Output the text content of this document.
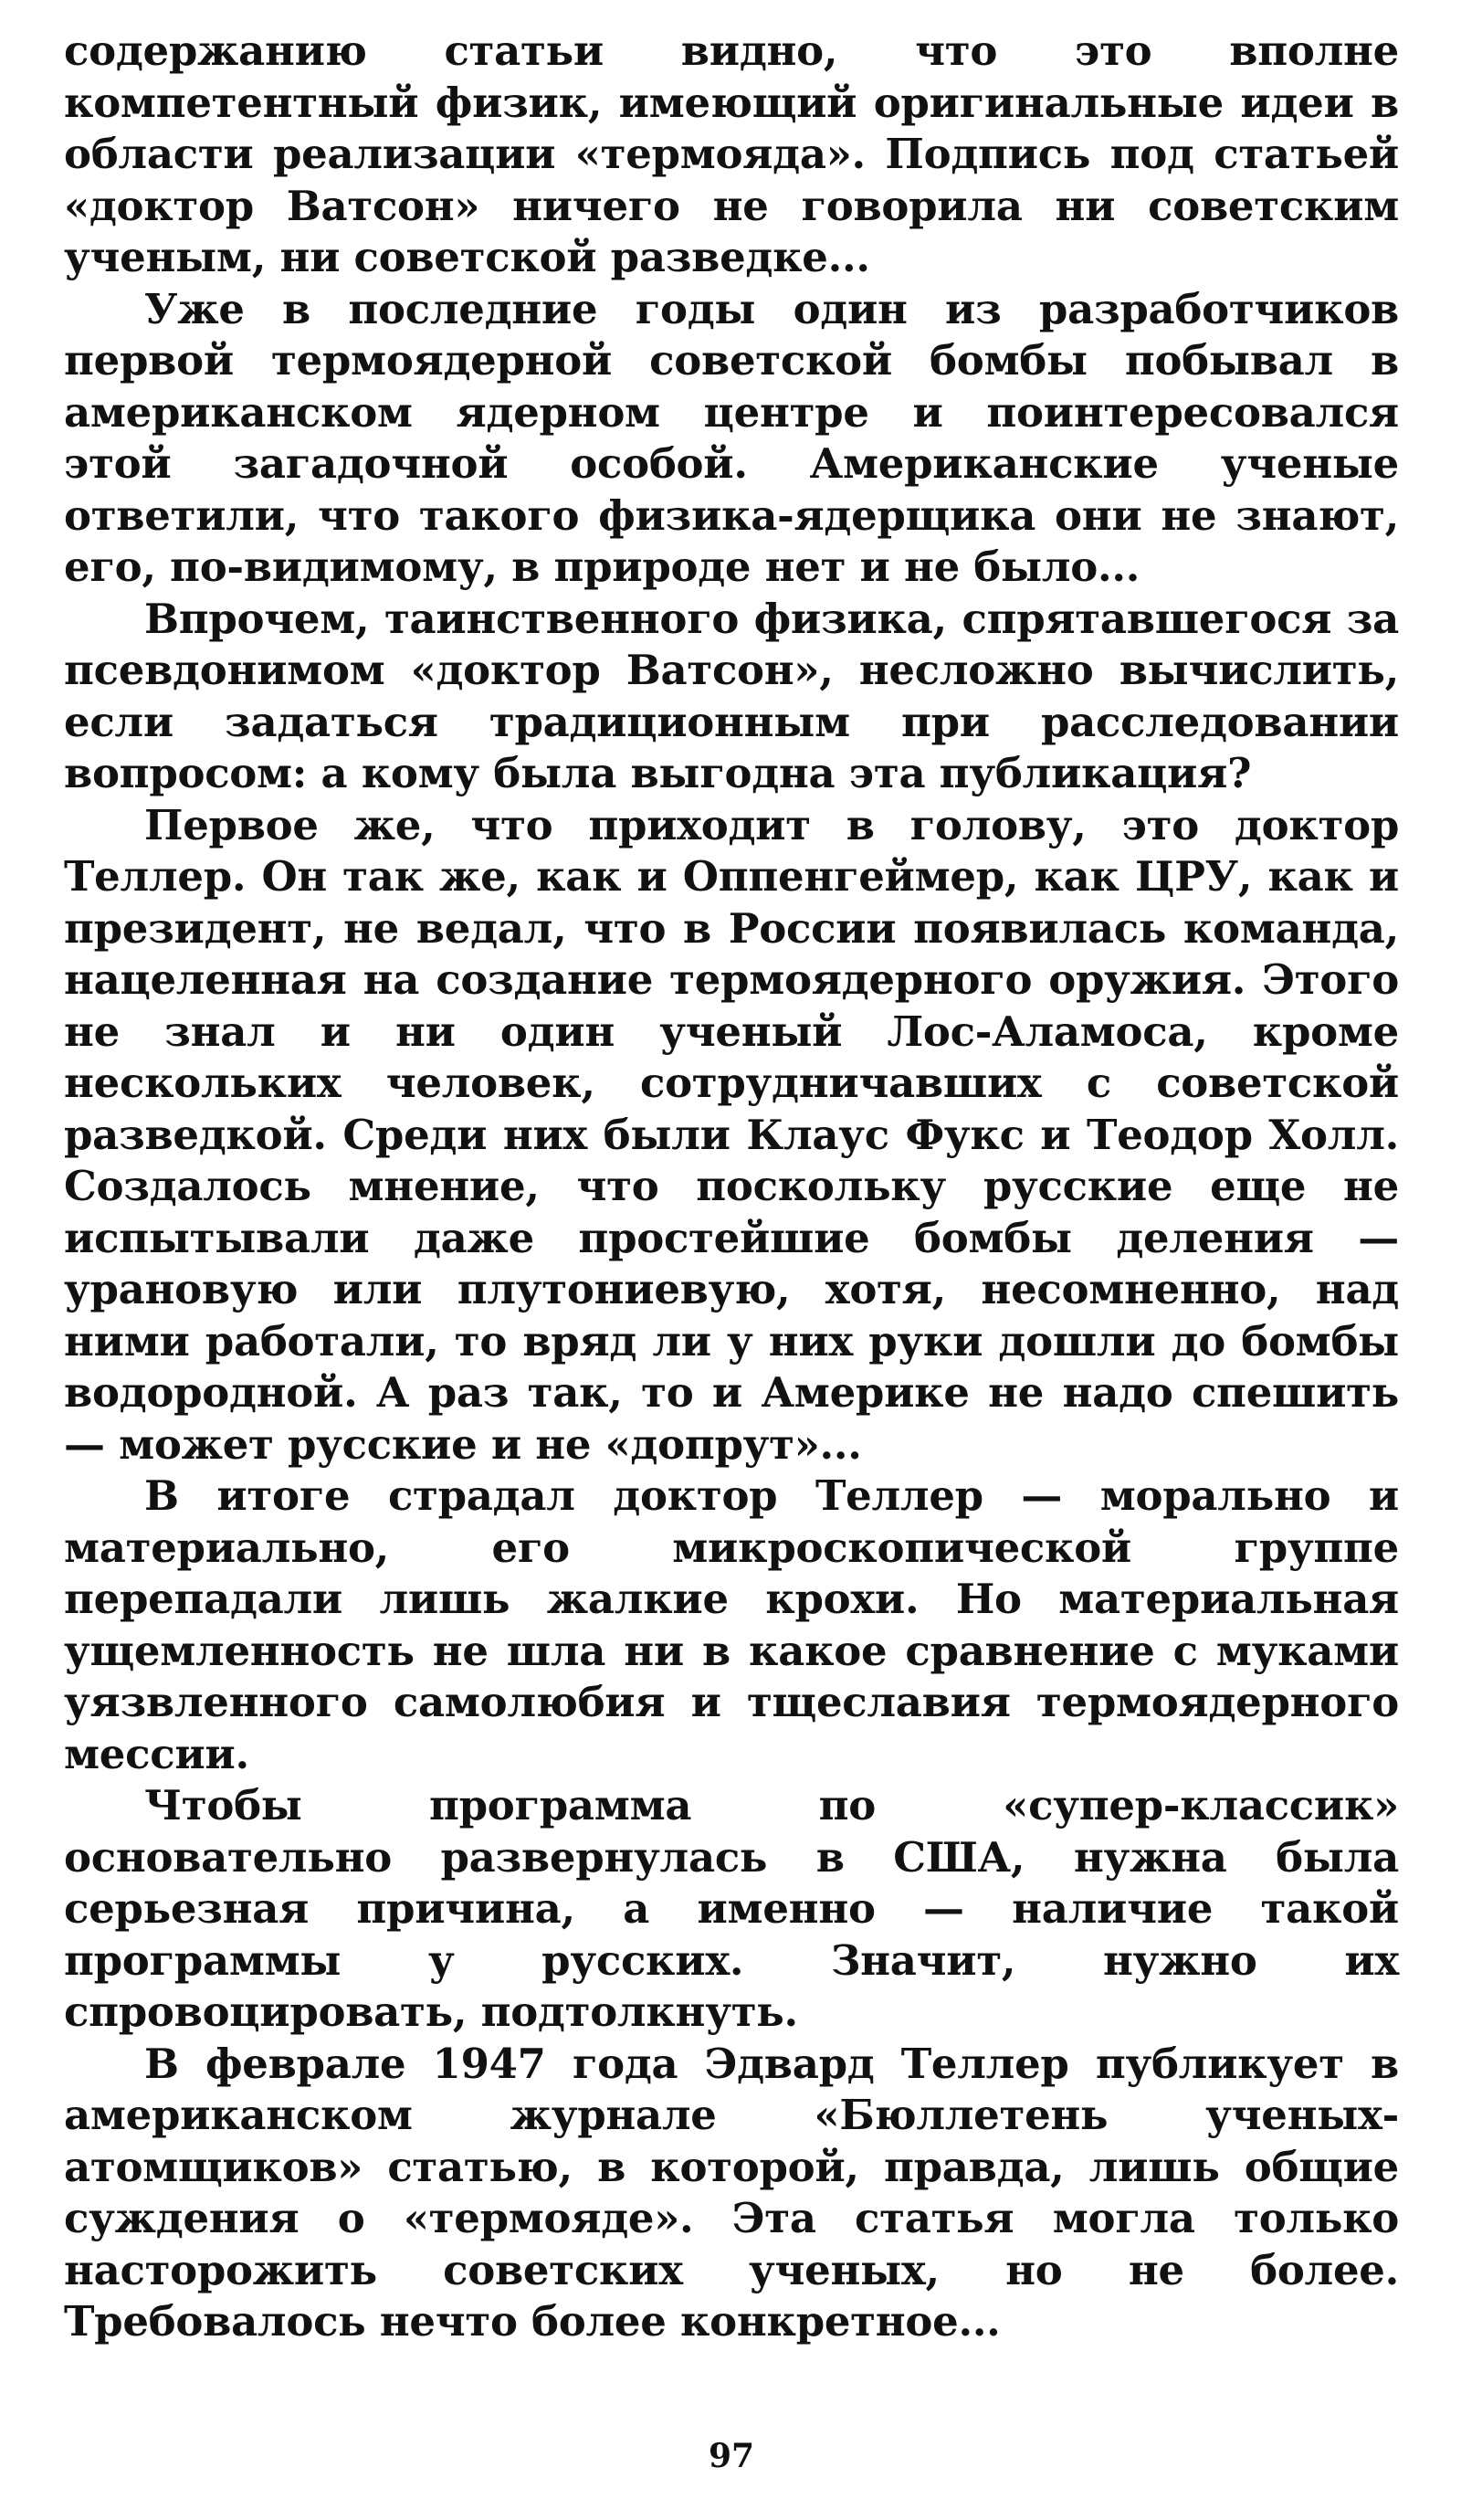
содержанию статьи видно, что это вполне компетентный физик, имеющий оригинальные идеи в области реализации «термояда». Подпись под статьей «доктор Ватсон» ничего не говорила ни советским ученым, ни советской разведке...

Уже в последние годы один из разработчиков первой термоядерной советской бомбы побывал в американском ядерном центре и поинтересовался этой загадочной особой. Американские ученые ответили, что такого физика-ядерщика они не знают, его, по-видимому, в природе нет и не было...

Впрочем, таинственного физика, спрятавшегося за псевдонимом «доктор Ватсон», несложно вычислить, если задаться традиционным при расследовании вопросом: а кому была выгодна эта публикация?

Первое же, что приходит в голову, это доктор Теллер. Он так же, как и Оппенгеймер, как ЦРУ, как и президент, не ведал, что в России появилась команда, нацеленная на создание термоядерного оружия. Этого не знал и ни один ученый Лос-Аламоса, кроме нескольких человек, сотрудничавших с советской разведкой. Среди них были Клаус Фукс и Теодор Холл. Создалось мнение, что поскольку русские еще не испытывали даже простейшие бомбы деления — урановую или плутониевую, хотя, несомненно, над ними работали, то вряд ли у них руки дошли до бомбы водородной. А раз так, то и Америке не надо спешить — может русские и не «допрут»...

В итоге страдал доктор Теллер — морально и материально, его микроскопической группе перепадали лишь жалкие крохи. Но материальная ущемленность не шла ни в какое сравнение с муками уязвленного самолюбия и тщеславия термоядерного мессии.

Чтобы программа по «супер-классик» основательно развернулась в США, нужна была серьезная причина, а именно — наличие такой программы у русских. Значит, нужно их спровоцировать, подтолкнуть.

В феврале 1947 года Эдвард Теллер публикует в американском журнале «Бюллетень ученых-атомщиков» статью, в которой, правда, лишь общие суждения о «термояде». Эта статья могла только насторожить советских ученых, но не более. Требовалось нечто более конкретное...

97
